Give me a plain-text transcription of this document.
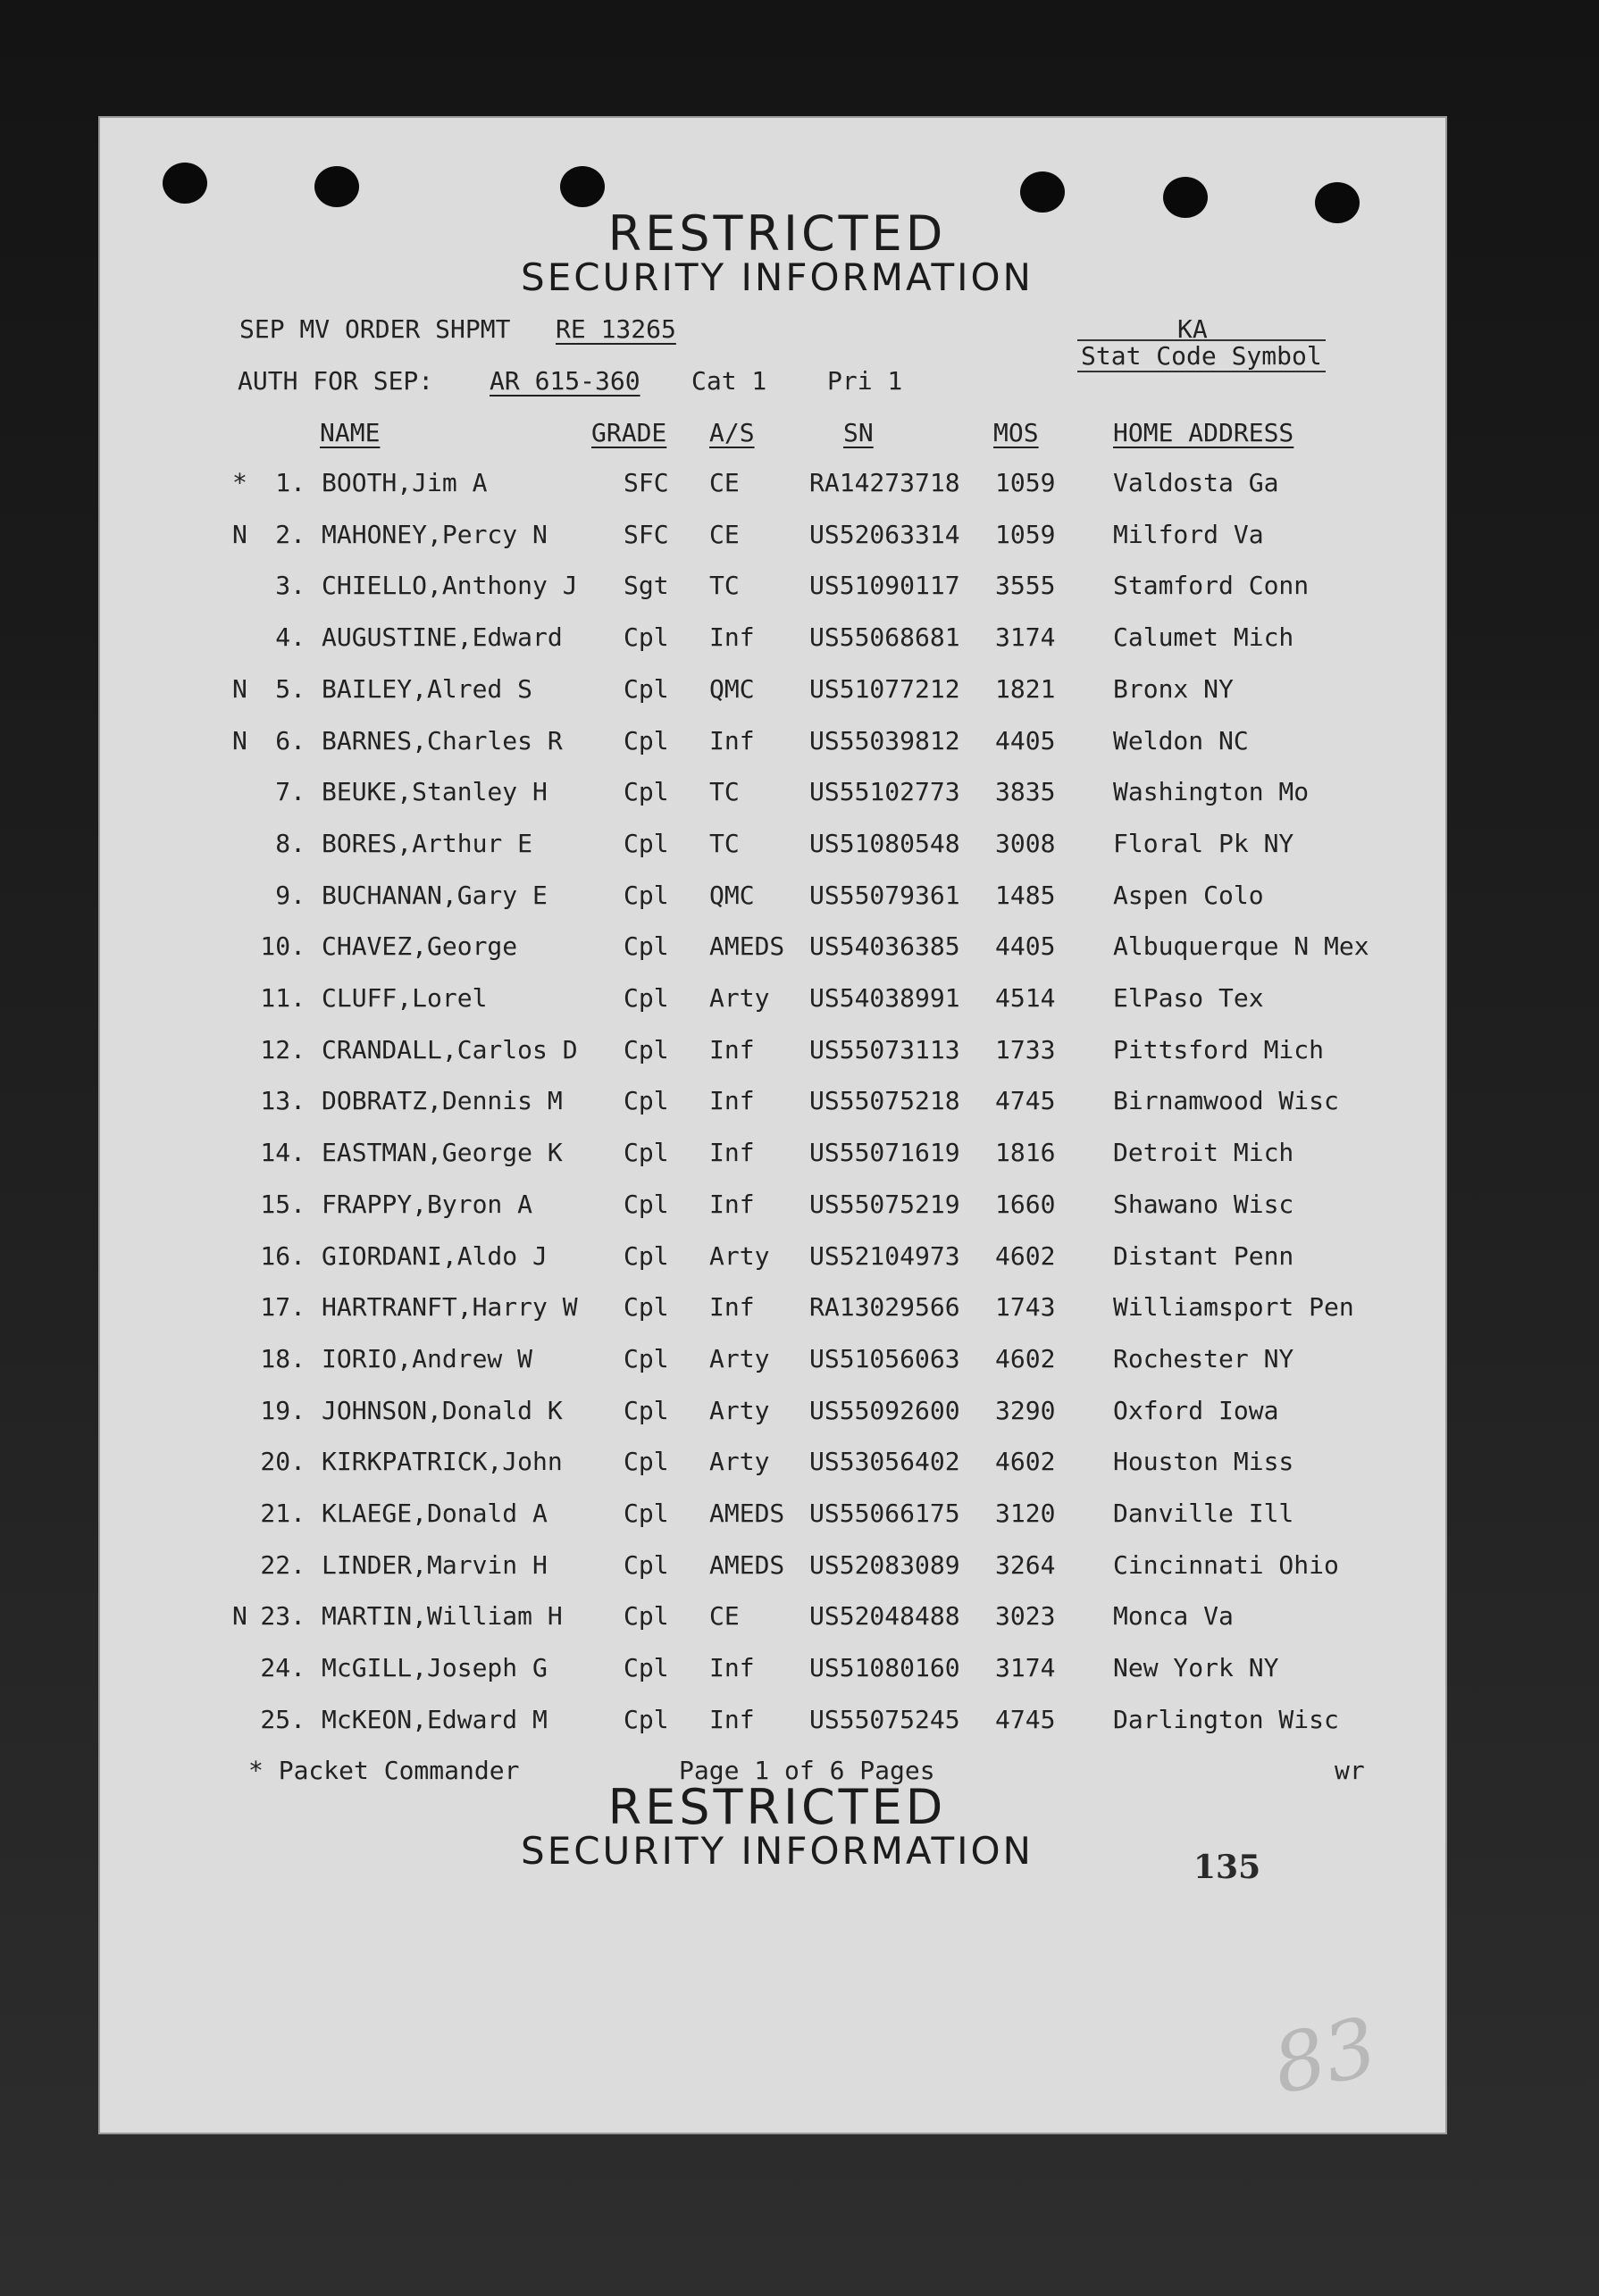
RESTRICTED
SECURITY INFORMATION
SEP MV ORDER SHPMT RE 13265	KA
Stat Code Symbol
AUTH FOR SEP: AR 615-360 Cat 1 Pri 1
NAME	GRADE A/S	SN	MOS	HOME ADDRESS
* 1. BOOTH,Jim A	SFC CE	RA14273718 1059 Valdosta Ga
N 2. MAHONEY,Percy N	SFC CE	US52063314 1059 Milford Va
3. CHIELLO,Anthony J Sgt TC	US51090117 3555 Stamford Conn
4. AUGUSTINE,Edward Cpl Inf US55068681 3174 Calumet Mich
N 5. BAILEY,Alred S	Cpl QMC US51077212 1821 Bronx NY
N 6. BARNES,Charles R Cpl Inf US55039812 4405 Weldon NC
7. BEUKE,Stanley H	Cpl TC	US55102773 3835 Washington Mo
8. BORES,Arthur E	Cpl TC	US51080548 3008 Floral Pk NY
9. BUCHANAN,Gary E	Cpl QMC US55079361 1485 Aspen Colo
10. CHAVEZ,George	Cpl AMEDS US54036385 4405 Albuquerque N Mex
11. CLUFF,Lorel	Cpl Arty US54038991 4514 ElPaso Tex
12. CRANDALL,Carlos D Cpl Inf US55073113 1733 Pittsford Mich
13. DOBRATZ,Dennis M Cpl Inf US55075218 4745 Birnamwood Wisc
14. EASTMAN,George K Cpl Inf US55071619 1816 Detroit Mich
15. FRAPPY,Byron A	Cpl Inf US55075219 1660 Shawano Wisc
16. GIORDANI,Aldo J	Cpl Arty US52104973 4602 Distant Penn
17. HARTRANFT,Harry W Cpl Inf RA13029566 1743 Williamsport Pen
18. IORIO,Andrew W	Cpl Arty US51056063 4602 Rochester NY
19. JOHNSON,Donald K Cpl Arty US55092600 3290 Oxford Iowa
20. KIRKPATRICK,John Cpl Arty US53056402 4602 Houston Miss
21. KLAEGE,Donald A	Cpl AMEDS US55066175 3120 Danville Ill
22. LINDER,Marvin H	Cpl AMEDS US52083089 3264 Cincinnati Ohio
N 23. MARTIN,William H Cpl CE	US52048488 3023 Monca Va
24. McGILL,Joseph G	Cpl Inf US51080160 3174 New York NY
25. McKEON,Edward M	Cpl Inf US55075245 4745 Darlington Wisc
* Packet Commander	Page 1 of 6 Pages	wr
RESTRICTED
SECURITY INFORMATION	135
83
